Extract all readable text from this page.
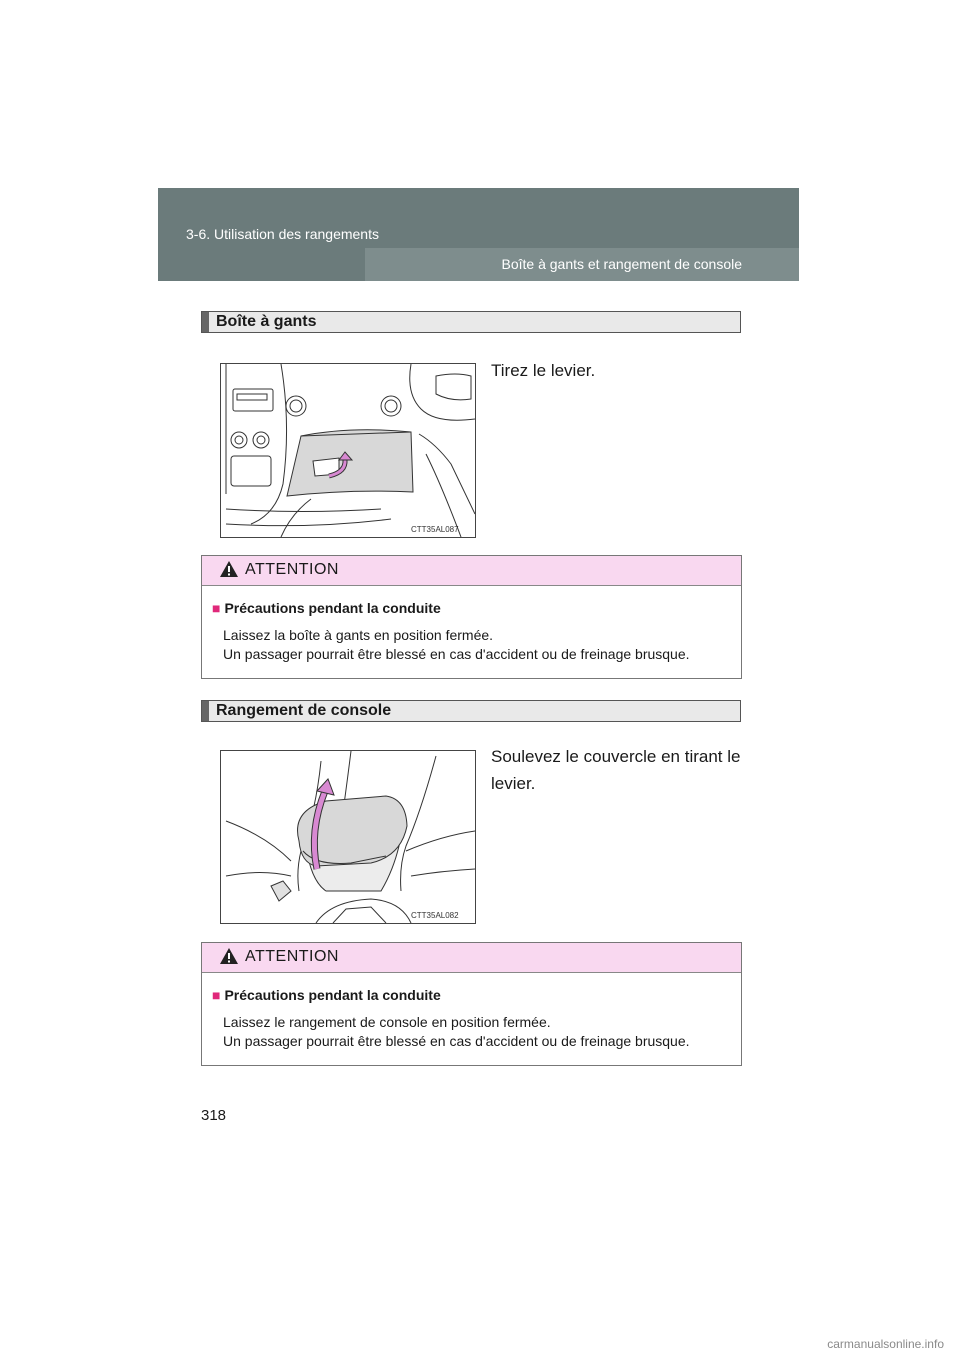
3-6. Utilisation des rangements
Boîte à gants et rangement de console
Boîte à gants
CTT35AL087
Tirez le levier.
ATTENTION
■ Précautions pendant la conduite
Laissez la boîte à gants en position fermée.
Un passager pourrait être blessé en cas d'accident ou de freinage brusque.
Rangement de console
CTT35AL082
Soulevez le couvercle en tirant le levier.
ATTENTION
■ Précautions pendant la conduite
Laissez le rangement de console en position fermée.
Un passager pourrait être blessé en cas d'accident ou de freinage brusque.
318
carmanualsonline.info
